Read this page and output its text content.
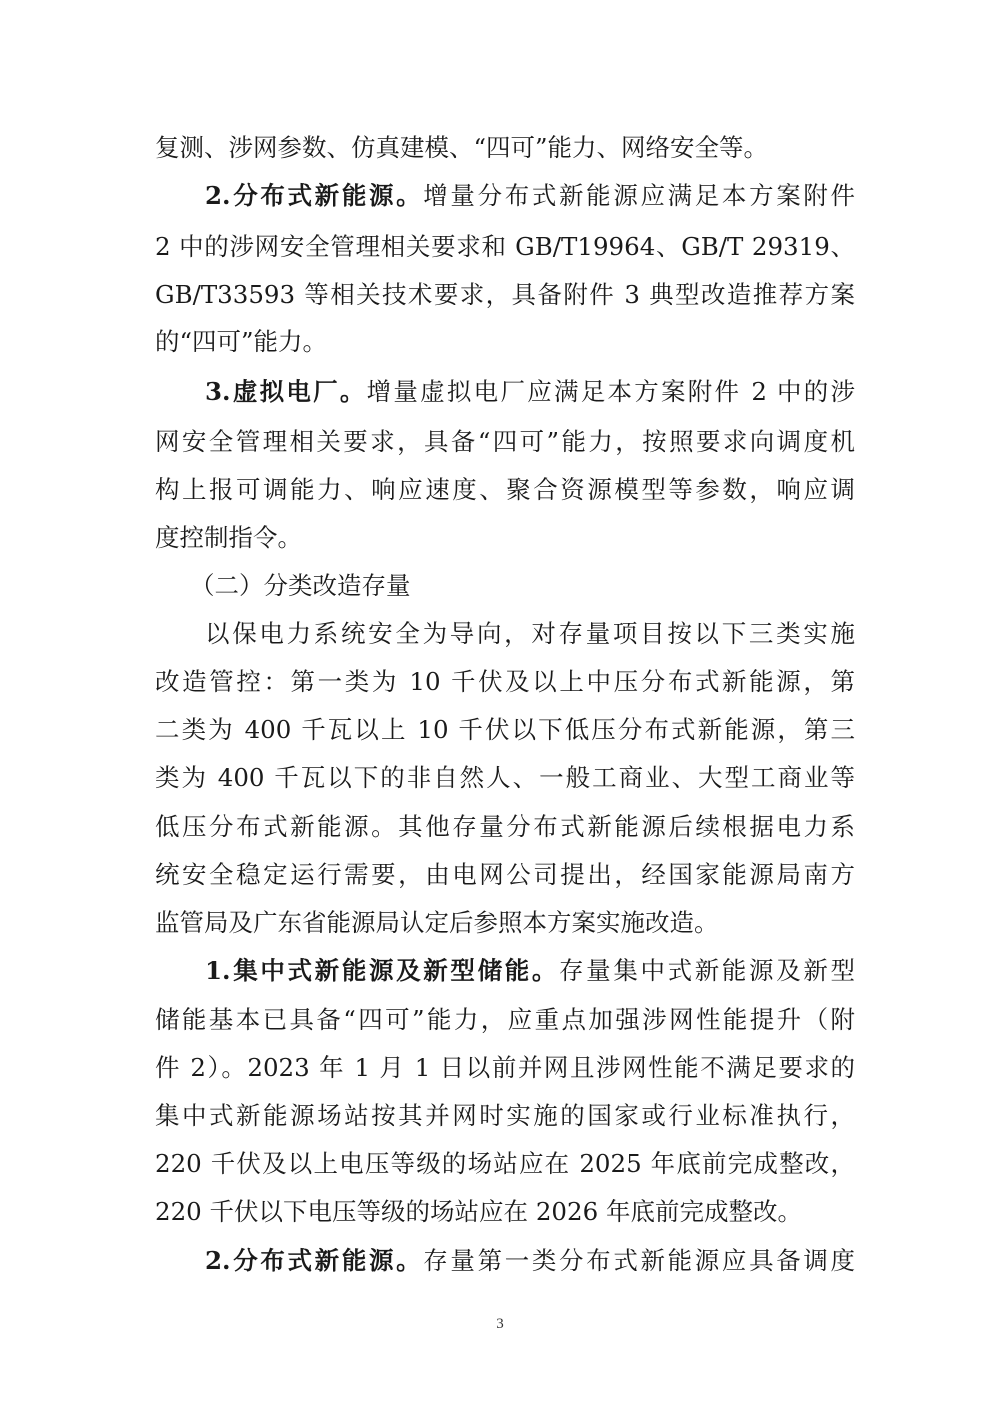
复测、涉网参数、仿真建模、“四可”能力、网络安全等。
2.分布式新能源。增量分布式新能源应满足本方案附件
2 中的涉网安全管理相关要求和 GB/T19964、GB/T 29319、
GB/T33593 等相关技术要求，具备附件 3 典型改造推荐方案
的“四可”能力。
3.虚拟电厂。增量虚拟电厂应满足本方案附件 2 中的涉
网安全管理相关要求，具备“四可”能力，按照要求向调度机
构上报可调能力、响应速度、聚合资源模型等参数，响应调
度控制指令。
（二）分类改造存量
以保电力系统安全为导向，对存量项目按以下三类实施
改造管控：第一类为 10 千伏及以上中压分布式新能源，第
二类为 400 千瓦以上 10 千伏以下低压分布式新能源，第三
类为 400 千瓦以下的非自然人、一般工商业、大型工商业等
低压分布式新能源。其他存量分布式新能源后续根据电力系
统安全稳定运行需要，由电网公司提出，经国家能源局南方
监管局及广东省能源局认定后参照本方案实施改造。
1.集中式新能源及新型储能。存量集中式新能源及新型
储能基本已具备“四可”能力，应重点加强涉网性能提升（附
件 2）。2023 年 1 月 1 日以前并网且涉网性能不满足要求的
集中式新能源场站按其并网时实施的国家或行业标准执行，
220 千伏及以上电压等级的场站应在 2025 年底前完成整改，
220 千伏以下电压等级的场站应在 2026 年底前完成整改。
2.分布式新能源。存量第一类分布式新能源应具备调度
3
